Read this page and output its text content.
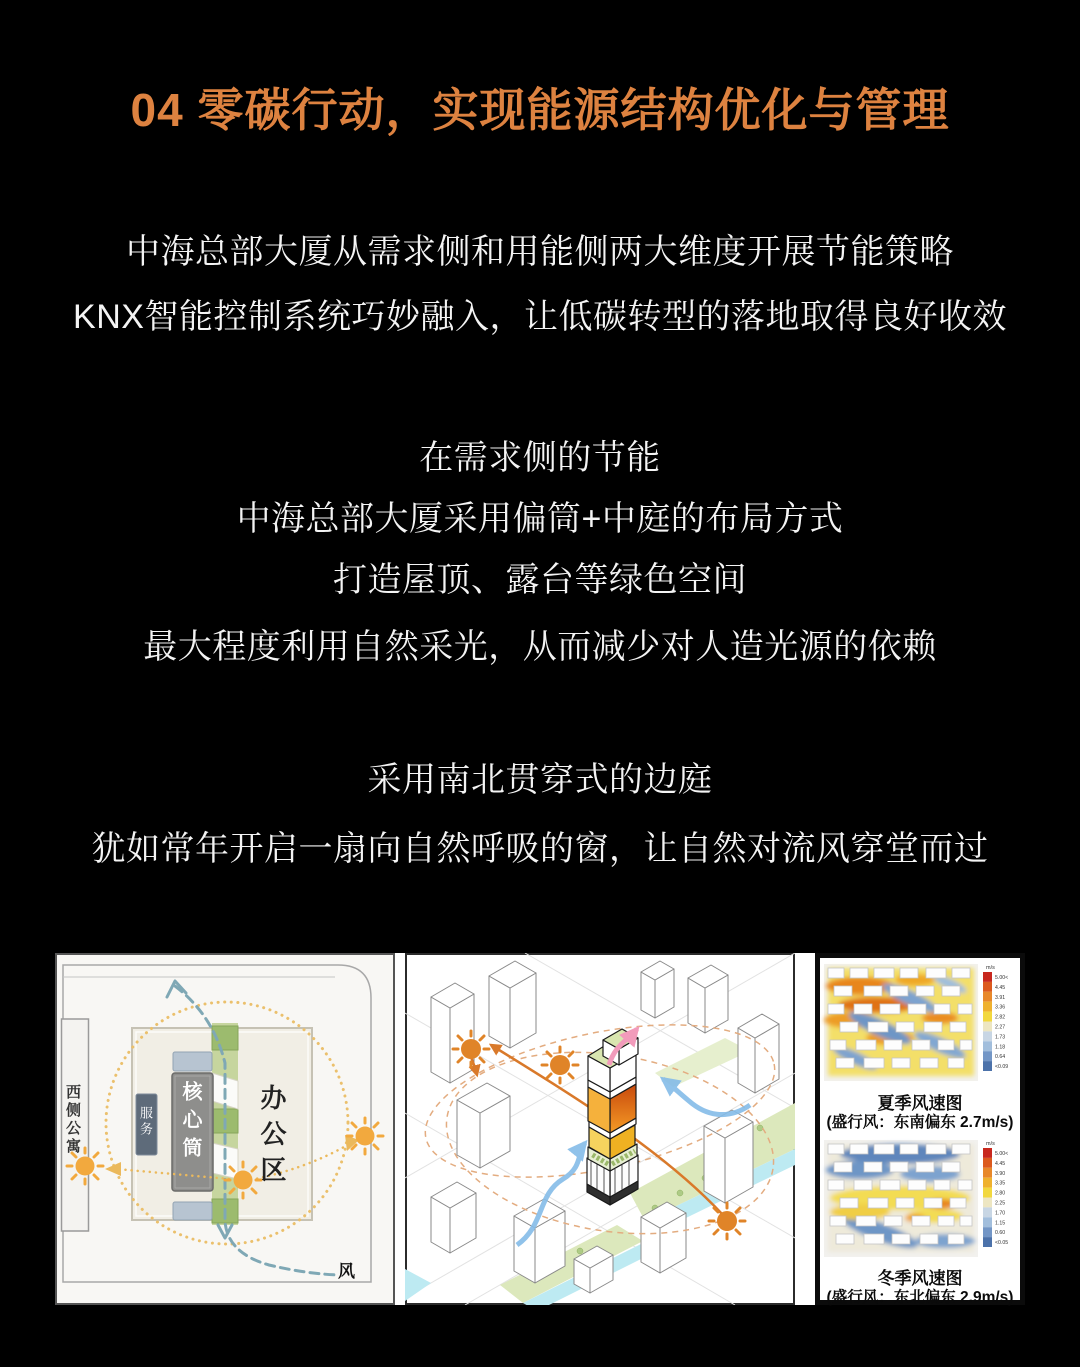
04 零碳行动，实现能源结构优化与管理
中海总部大厦从需求侧和用能侧两大维度开展节能策略
KNX智能控制系统巧妙融入，让低碳转型的落地取得良好收效
在需求侧的节能
中海总部大厦采用偏筒+中庭的布局方式
打造屋顶、露台等绿色空间
最大程度利用自然采光，从而减少对人造光源的依赖
采用南北贯穿式的边庭
犹如常年开启一扇向自然呼吸的窗，让自然对流风穿堂而过
西侧公寓	服务 核心筒 办公区
风
m/s
5.00<
4.45
3.91
3.36
2.82
2.27
1.73
1.18
0.64
<0.09
夏季风速图
(盛行风：东南偏东 2.7m/s)
m/s
5.00<
4.45
3.90
3.35
2.80
2.25
1.70
1.15
0.60
<0.05
冬季风速图
(盛行风：东北偏东 2.9m/s)
